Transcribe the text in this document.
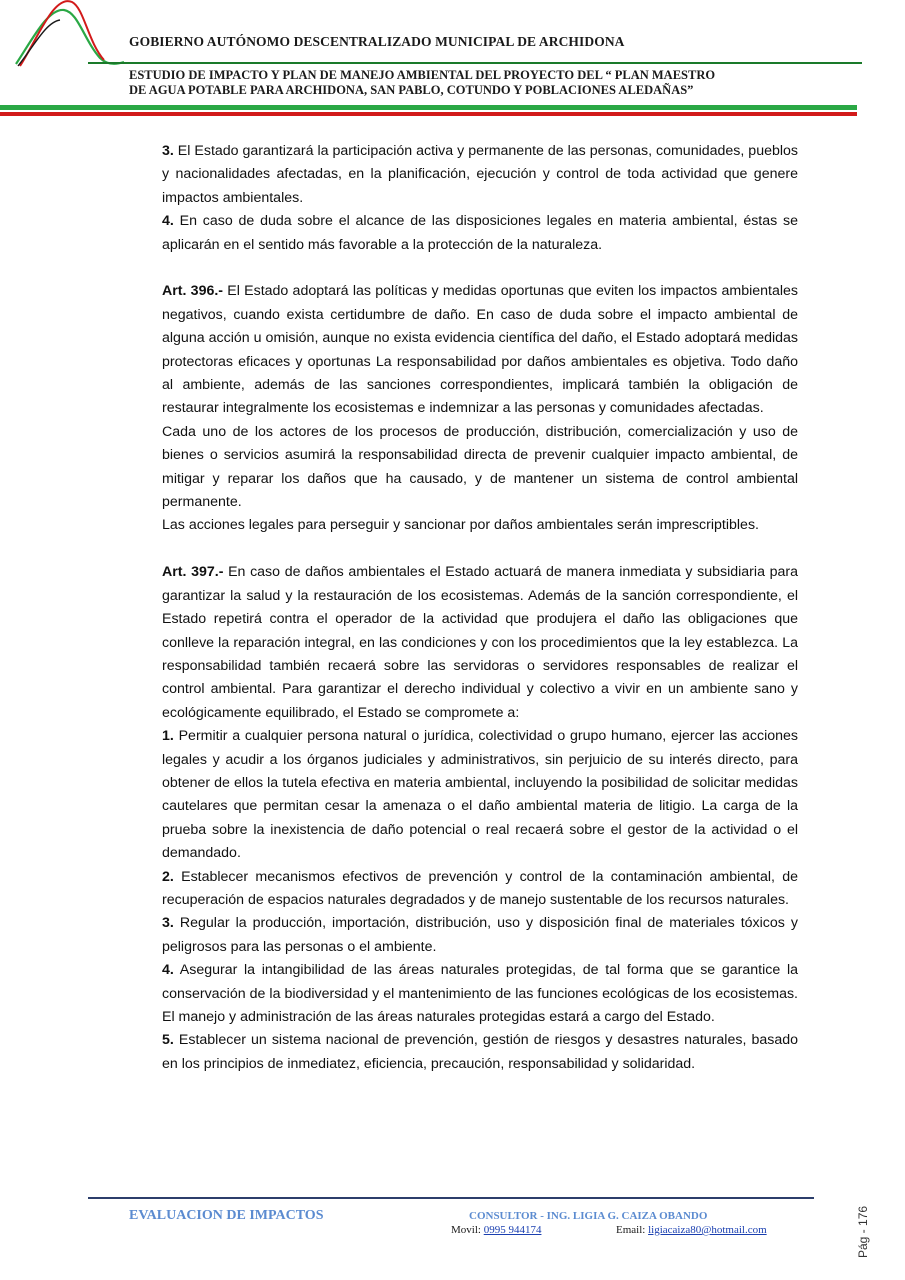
GOBIERNO AUTÓNOMO DESCENTRALIZADO MUNICIPAL DE ARCHIDONA
ESTUDIO DE IMPACTO Y PLAN DE MANEJO AMBIENTAL DEL PROYECTO DEL “ PLAN MAESTRO
DE AGUA POTABLE PARA ARCHIDONA, SAN PABLO, COTUNDO Y POBLACIONES ALEDAÑAS”

3. El Estado garantizará la participación activa y permanente de las personas, comunidades, pueblos y nacionalidades afectadas, en la planificación, ejecución y control de toda actividad que genere impactos ambientales.

4. En caso de duda sobre el alcance de las disposiciones legales en materia ambiental, éstas se aplicarán en el sentido más favorable a la protección de la naturaleza.

Art. 396.- El Estado adoptará las políticas y medidas oportunas que eviten los impactos ambientales negativos, cuando exista certidumbre de daño. En caso de duda sobre el impacto ambiental de alguna acción u omisión, aunque no exista evidencia científica del daño, el Estado adoptará medidas protectoras eficaces y oportunas La responsabilidad por daños ambientales es objetiva. Todo daño al ambiente, además de las sanciones correspondientes, implicará también la obligación de restaurar integralmente los ecosistemas e indemnizar a las personas y comunidades afectadas.

Cada uno de los actores de los procesos de producción, distribución, comercialización y uso de bienes o servicios asumirá la responsabilidad directa de prevenir cualquier impacto ambiental, de mitigar y reparar los daños que ha causado, y de mantener un sistema de control ambiental permanente.

Las acciones legales para perseguir y sancionar por daños ambientales serán imprescriptibles.

Art. 397.- En caso de daños ambientales el Estado actuará de manera inmediata y subsidiaria para garantizar la salud y la restauración de los ecosistemas. Además de la sanción correspondiente, el Estado repetirá contra el operador de la actividad que produjera el daño las obligaciones que conlleve la reparación integral, en las condiciones y con los procedimientos que la ley establezca. La responsabilidad también recaerá sobre las servidoras o servidores responsables de realizar el control ambiental. Para garantizar el derecho individual y colectivo a vivir en un ambiente sano y ecológicamente equilibrado, el Estado se compromete a:

1. Permitir a cualquier persona natural o jurídica, colectividad o grupo humano, ejercer las acciones legales y acudir a los órganos judiciales y administrativos, sin perjuicio de su interés directo, para obtener de ellos la tutela efectiva en materia ambiental, incluyendo la posibilidad de solicitar medidas cautelares que permitan cesar la amenaza o el daño ambiental materia de litigio. La carga de la prueba sobre la inexistencia de daño potencial o real recaerá sobre el gestor de la actividad o el demandado.

2. Establecer mecanismos efectivos de prevención y control de la contaminación ambiental, de recuperación de espacios naturales degradados y de manejo sustentable de los recursos naturales.

3. Regular la producción, importación, distribución, uso y disposición final de materiales tóxicos y peligrosos para las personas o el ambiente.

4. Asegurar la intangibilidad de las áreas naturales protegidas, de tal forma que se garantice la conservación de la biodiversidad y el mantenimiento de las funciones ecológicas de los ecosistemas. El manejo y administración de las áreas naturales protegidas estará a cargo del Estado.

5. Establecer un sistema nacional de prevención, gestión de riesgos y desastres naturales, basado en los principios de inmediatez, eficiencia, precaución, responsabilidad y solidaridad.

EVALUACION DE IMPACTOS	CONSULTOR - ING. LIGIA G. CAIZA OBANDO
Movil: 0995 944174	Email: ligiacaiza80@hotmail.com	Pág - 176
